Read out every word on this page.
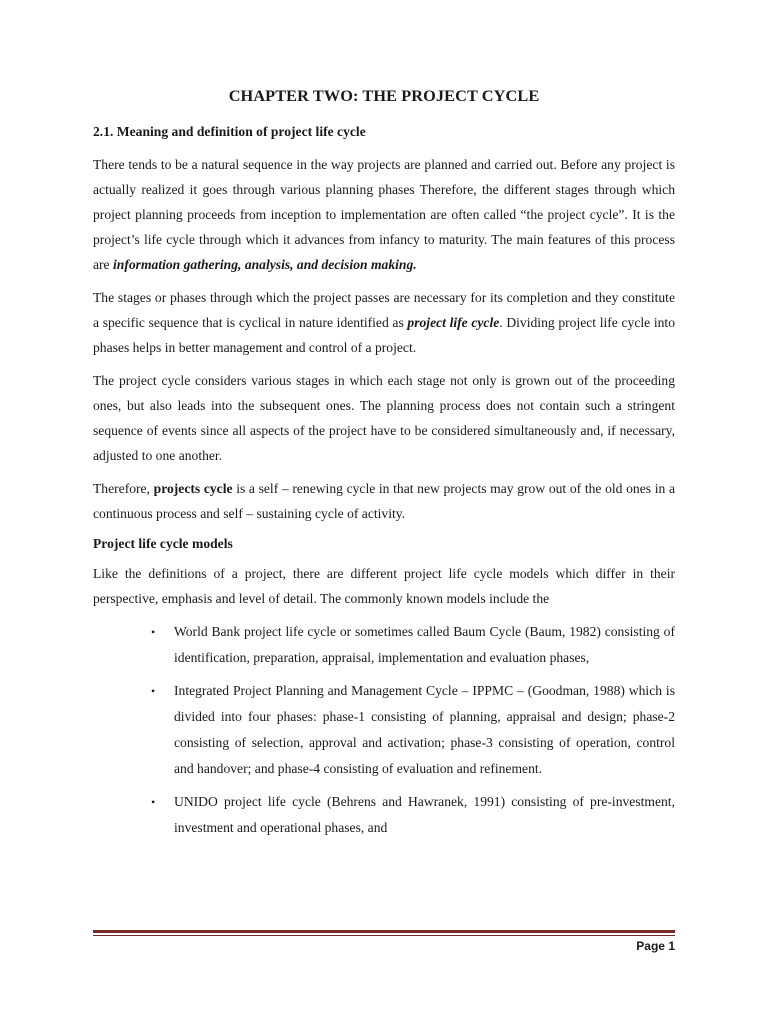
CHAPTER TWO: THE PROJECT CYCLE
2.1. Meaning and definition of project life cycle

There tends to be a natural sequence in the way projects are planned and carried out. Before any project is actually realized it goes through various planning phases Therefore, the different stages through which project planning proceeds from inception to implementation are often called “the project cycle”. It is the project’s life cycle through which it advances from infancy to maturity. The main features of this process are information gathering, analysis, and decision making.

The stages or phases through which the project passes are necessary for its completion and they constitute a specific sequence that is cyclical in nature identified as project life cycle. Dividing project life cycle into phases helps in better management and control of a project.

The project cycle considers various stages in which each stage not only is grown out of the proceeding ones, but also leads into the subsequent ones. The planning process does not contain such a stringent sequence of events since all aspects of the project have to be considered simultaneously and, if necessary, adjusted to one another.

Therefore, projects cycle is a self – renewing cycle in that new projects may grow out of the old ones in a continuous process and self – sustaining cycle of activity.

Project life cycle models

Like the definitions of a project, there are different project life cycle models which differ in their perspective, emphasis and level of detail. The commonly known models include the

• World Bank project life cycle or sometimes called Baum Cycle (Baum, 1982) consisting of identification, preparation, appraisal, implementation and evaluation phases,
• Integrated Project Planning and Management Cycle – IPPMC – (Goodman, 1988) which is divided into four phases: phase-1 consisting of planning, appraisal and design; phase-2 consisting of selection, approval and activation; phase-3 consisting of operation, control and handover; and phase-4 consisting of evaluation and refinement.
• UNIDO project life cycle (Behrens and Hawranek, 1991) consisting of pre-investment, investment and operational phases, and
Page 1
